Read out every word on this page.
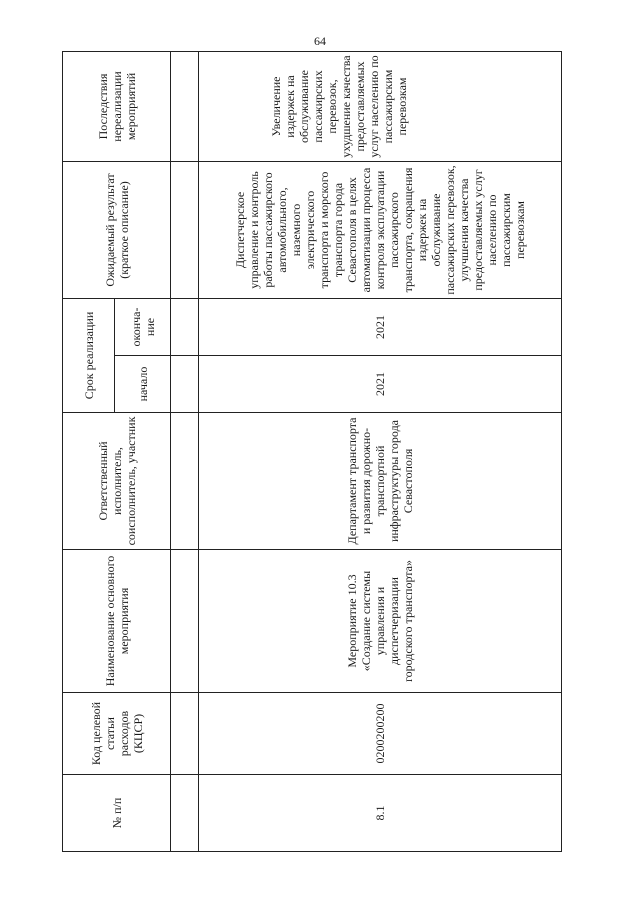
64
№ п/п	Код целевой статьи расходов (КЦСР)	Наименование основного мероприятия	Ответственный исполнитель, соисполнитель, участник	Срок реализации		Ожидаемый результат (краткое описание)	Последствия нереализации мероприятий
				начало	оконча-ние		

8.1	0200200200	Мероприятие 10.3 «Создание системы управления и диспетчеризации городского транспорта»	Департамент транспорта и развития дорожно-транспортной инфраструктуры города Севастополя	2021	2021	Диспетчерское управление и контроль работы пассажирского автомобильного, наземного электрического транспорта и морского транспорта города Севастополя в целях автоматизации процесса контроля эксплуатации пассажирского транспорта, сокращения издержек на обслуживание пассажирских перевозок, улучшения качества предоставляемых услуг населению по пассажирским перевозкам	Увеличение издержек на обслуживание пассажирских перевозок, ухудшение качества предоставляемых услуг населению по пассажирским перевозкам
